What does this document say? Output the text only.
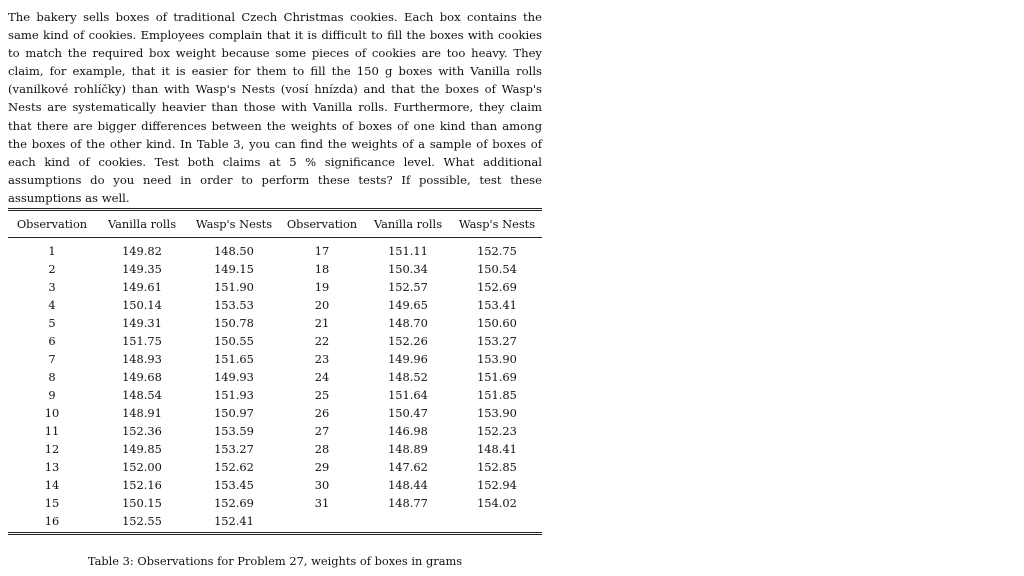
The bakery sells boxes of traditional Czech Christmas cookies. Each box contains the same kind of cookies. Employees complain that it is difficult to fill the boxes with cookies to match the required box weight because some pieces of cookies are too heavy. They claim, for example, that it is easier for them to fill the 150 g boxes with Vanilla rolls (vanilkové rohlíčky) than with Wasp's Nests (vosí hnízda) and that the boxes of Wasp's Nests are systematically heavier than those with Vanilla rolls. Furthermore, they claim that there are bigger differences between the weights of boxes of one kind than among the boxes of the other kind. In Table 3, you can find the weights of a sample of boxes of each kind of cookies. Test both claims at 5 % significance level. What additional assumptions do you need in order to perform these tests? If possible, test these assumptions as well.

Observation	Vanilla rolls	Wasp's Nests	Observation	Vanilla rolls	Wasp's Nests
1	149.82	148.50	17	151.11	152.75
2	149.35	149.15	18	150.34	150.54
3	149.61	151.90	19	152.57	152.69
4	150.14	153.53	20	149.65	153.41
5	149.31	150.78	21	148.70	150.60
6	151.75	150.55	22	152.26	153.27
7	148.93	151.65	23	149.96	153.90
8	149.68	149.93	24	148.52	151.69
9	148.54	151.93	25	151.64	151.85
10	148.91	150.97	26	150.47	153.90
11	152.36	153.59	27	146.98	152.23
12	149.85	153.27	28	148.89	148.41
13	152.00	152.62	29	147.62	152.85
14	152.16	153.45	30	148.44	152.94
15	150.15	152.69	31	148.77	154.02
16	152.55	152.41			
Table 3: Observations for Problem 27, weights of boxes in grams
